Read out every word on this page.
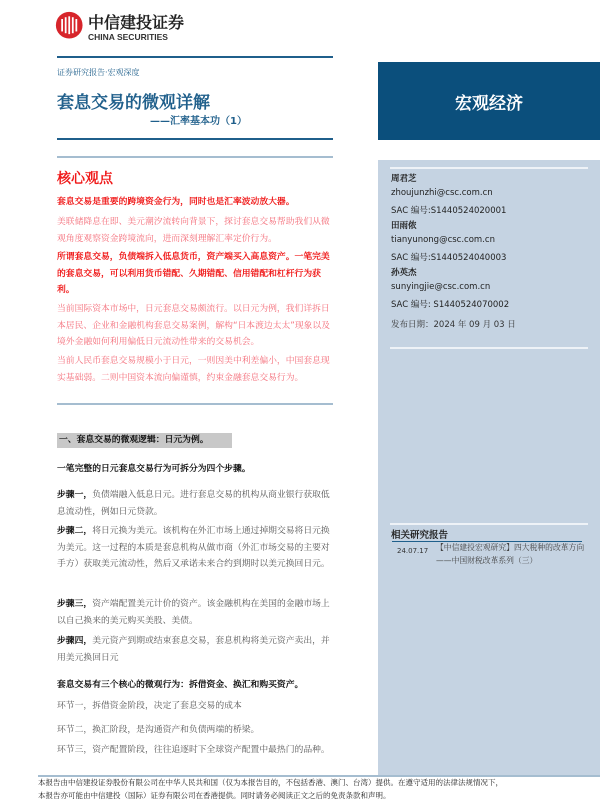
中信建投证券
CHINA SECURITIES
证券研究报告·宏观深度
套息交易的微观详解
——汇率基本功（1）
宏观经济
核心观点
套息交易是重要的跨境资金行为，同时也是汇率波动放大器。
美联储降息在即、美元潮汐流转向背景下，探讨套息交易帮助我们从微观角度观察资金跨境流向，进而深刻理解汇率定价行为。
所谓套息交易，负债端拆入低息货币，资产端买入高息资产。一笔完美的套息交易，可以利用货币错配、久期错配、信用错配和杠杆行为获利。
当前国际资本市场中，日元套息交易颇流行。以日元为例，我们详拆日本居民、企业和金融机构套息交易案例，解构“日本渡边太太”现象以及境外金融如何利用偏低日元流动性带来的交易机会。
当前人民币套息交易规模小于日元，一则因美中利差偏小，中国套息现实基础弱。二则中国资本流向偏谨慎，约束金融套息交易行为。
一、套息交易的微观逻辑：日元为例。
一笔完整的日元套息交易行为可拆分为四个步骤。
步骤一，负债端融入低息日元。进行套息交易的机构从商业银行获取低息流动性，例如日元贷款。
步骤二，将日元换为美元。该机构在外汇市场上通过掉期交易将日元换为美元。这一过程的本质是套息机构从做市商（外汇市场交易的主要对手方）获取美元流动性，然后又承诺未来合约到期时以美元换回日元。
步骤三，资产端配置美元计价的资产。该金融机构在美国的金融市场上以自己换来的美元购买美股、美债。
步骤四，美元资产到期或结束套息交易，套息机构将美元资产卖出，并用美元换回日元
套息交易有三个核心的微观行为：拆借资金、换汇和购买资产。
环节一，拆借资金阶段，决定了套息交易的成本
环节二，换汇阶段，是沟通资产和负债两端的桥梁。
环节三，资产配置阶段，往往追逐时下全球资产配置中最热门的品种。
周君芝
zhoujunzhi@csc.com.cn
SAC 编号:S1440524020001
田雨侬
tianyunong@csc.com.cn
SAC 编号:S1440524040003
孙英杰
sunyingjie@csc.com.cn
SAC 编号: S1440524070002
发布日期：2024 年 09 月 03 日
相关研究报告
24.07.17 【中信建投宏观研究】四大税种的改革方向——中国财税改革系列（三）
本报告由中信建投证券股份有限公司在中华人民共和国（仅为本报告目的，不包括香港、澳门、台湾）提供。在遵守适用的法律法规情况下，
本报告亦可能由中信建投（国际）证券有限公司在香港提供。同时请务必阅读正文之后的免责条款和声明。
